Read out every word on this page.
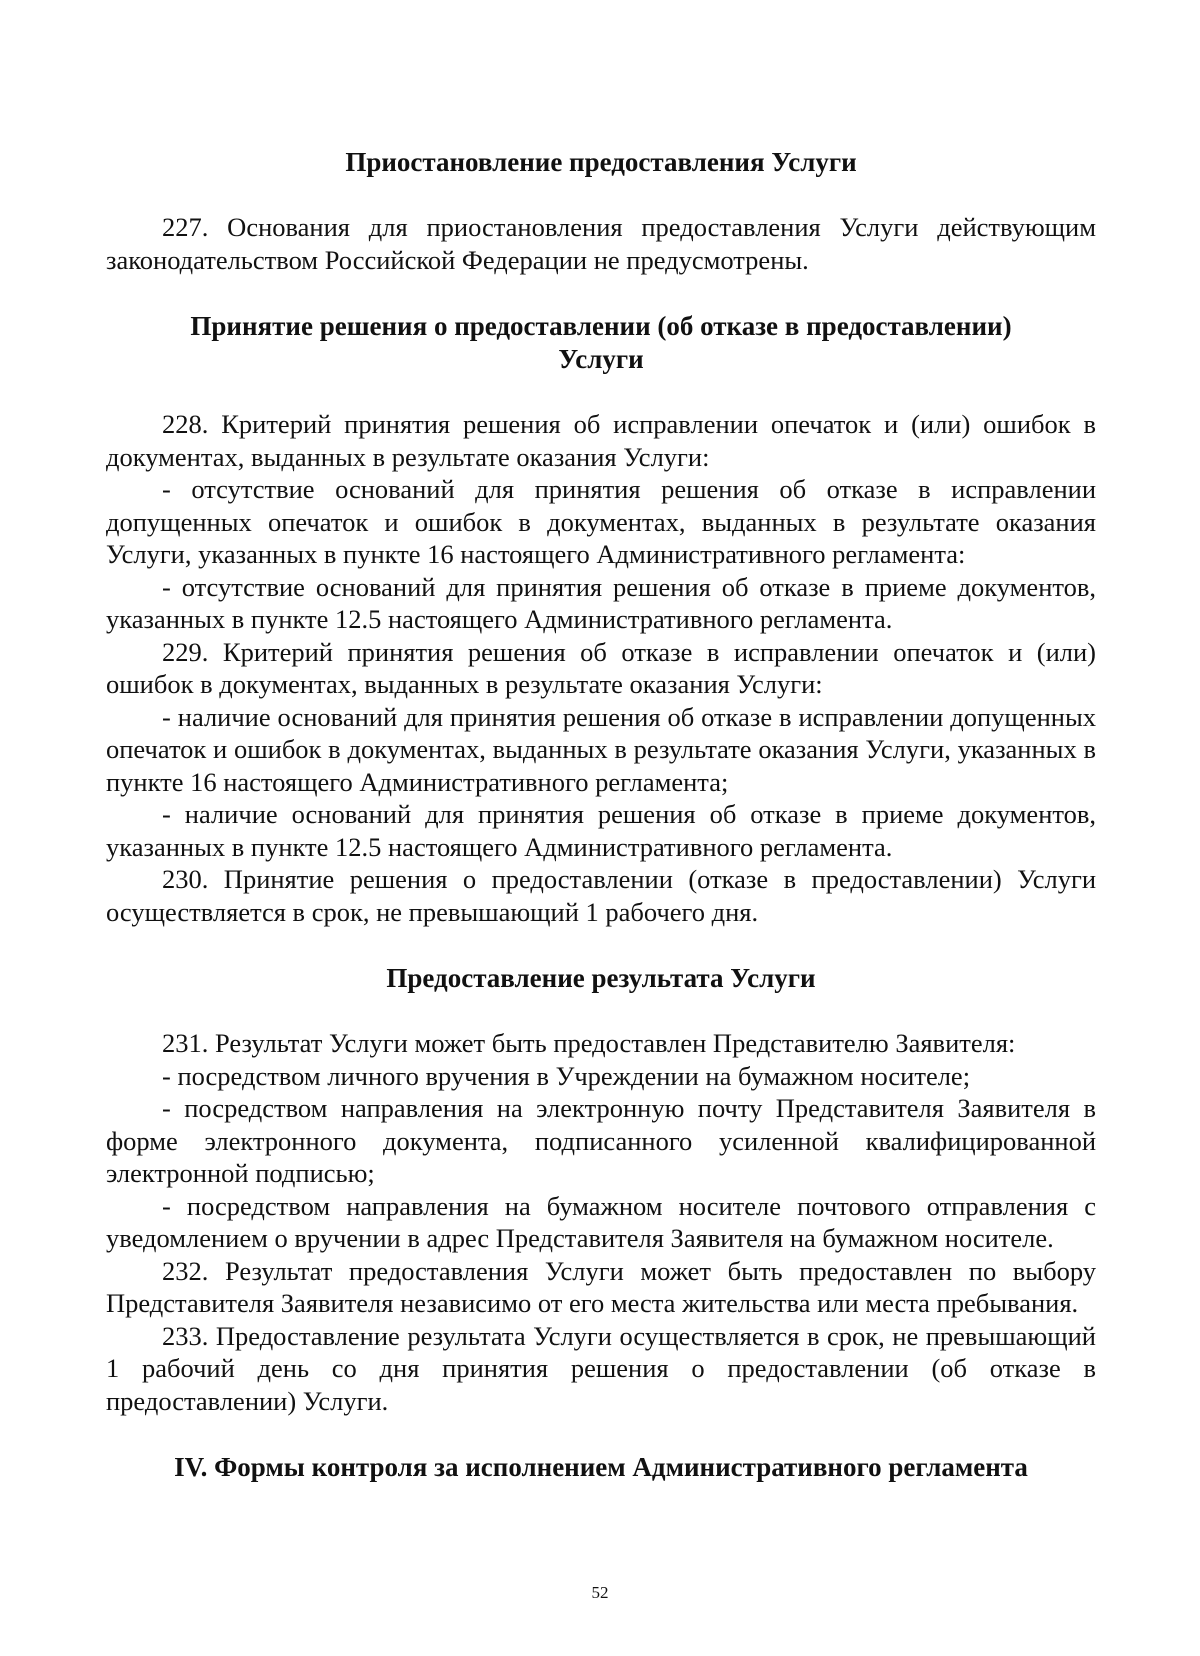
Приостановление предоставления Услуги

227. Основания для приостановления предоставления Услуги действующим законодательством Российской Федерации не предусмотрены.

Принятие решения о предоставлении (об отказе в предоставлении) Услуги

228. Критерий принятия решения об исправлении опечаток и (или) ошибок в документах, выданных в результате оказания Услуги:

- отсутствие оснований для принятия решения об отказе в исправлении допущенных опечаток и ошибок в документах, выданных в результате оказания Услуги, указанных в пункте 16 настоящего Административного регламента:

- отсутствие оснований для принятия решения об отказе в приеме документов, указанных в пункте 12.5 настоящего Административного регламента.

229. Критерий принятия решения об отказе в исправлении опечаток и (или) ошибок в документах, выданных в результате оказания Услуги:

- наличие оснований для принятия решения об отказе в исправлении допущенных опечаток и ошибок в документах, выданных в результате оказания Услуги, указанных в пункте 16 настоящего Административного регламента;

- наличие оснований для принятия решения об отказе в приеме документов, указанных в пункте 12.5 настоящего Административного регламента.

230. Принятие решения о предоставлении (отказе в предоставлении) Услуги осуществляется в срок, не превышающий 1 рабочего дня.

Предоставление результата Услуги

231. Результат Услуги может быть предоставлен Представителю Заявителя:

- посредством личного вручения в Учреждении на бумажном носителе;

- посредством направления на электронную почту Представителя Заявителя в форме электронного документа, подписанного усиленной квалифицированной электронной подписью;

- посредством направления на бумажном носителе почтового отправления с уведомлением о вручении в адрес Представителя Заявителя на бумажном носителе.

232. Результат предоставления Услуги может быть предоставлен по выбору Представителя Заявителя независимо от его места жительства или места пребывания.

233. Предоставление результата Услуги осуществляется в срок, не превышающий 1 рабочий день со дня принятия решения о предоставлении (об отказе в предоставлении) Услуги.

IV. Формы контроля за исполнением Административного регламента
52
